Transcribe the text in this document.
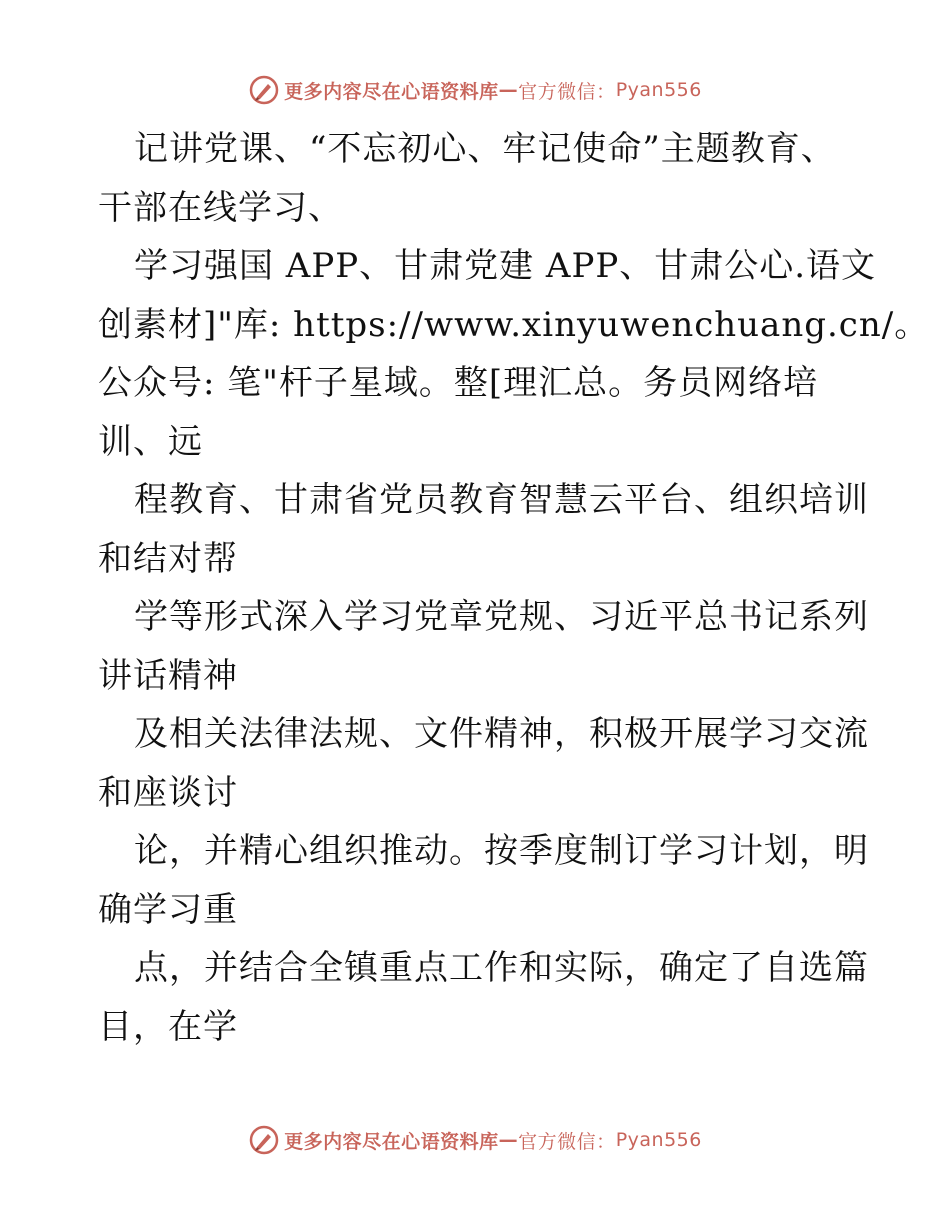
更多内容尽在心语资料库 — 官方微信： Pyan556
记讲党课、“不忘初心、牢记使命”主题教育、
干部在线学习、
学习强国 APP、甘肃党建 APP、甘肃公心.语文
创素材]"库: https://www.xinyuwenchuang.cn/。
公众号: 笔"杆子星域。整[理汇总。务员网络培
训、远
程教育、甘肃省党员教育智慧云平台、组织培训
和结对帮
学等形式深入学习党章党规、习近平总书记系列
讲话精神
及相关法律法规、文件精神，积极开展学习交流
和座谈讨
论，并精心组织推动。按季度制订学习计划，明
确学习重
点，并结合全镇重点工作和实际，确定了自选篇
目，在学
更多内容尽在心语资料库 — 官方微信： Pyan556
